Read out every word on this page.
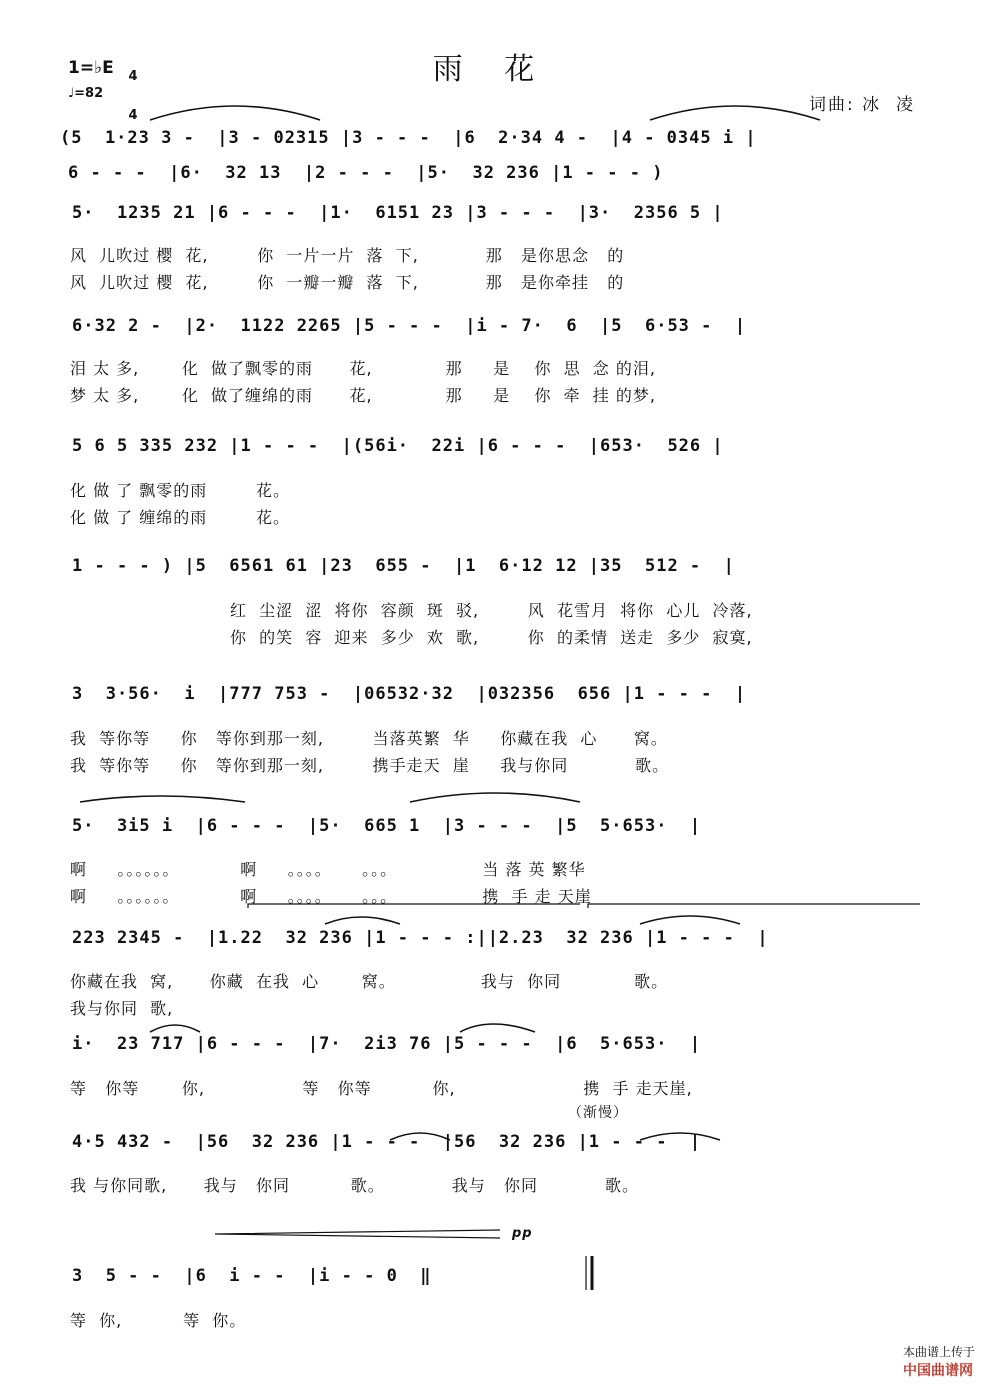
雨 花
1=♭E

4

4

♩=82
词曲: 冰  凌
(5  1·23 3 -  |3 - 02315 |3 - - -  |6  2·34 4 -  |4 - 0345 i |
6 - - -  |6·  32 13  |2 - - -  |5·  32 236 |1 - - - )
5·  1235 21 |6 - - -  |1·  6151 23 |3 - - -  |3·  2356 5 |
风  儿吹过 樱  花,        你  一片一片  落  下,           那   是你思念   的
风  儿吹过 樱  花,        你  一瓣一瓣  落  下,           那   是你牵挂   的
6·32 2 -  |2·  1122 2265 |5 - - -  |i - 7·  6  |5  6·53 -  |
泪 太 多,       化  做了飘零的雨      花,            那     是    你  思  念 的泪,
梦 太 多,       化  做了缠绵的雨      花,            那     是    你  牵  挂 的梦,
5 6 5 335 232 |1 - - -  |(56i·  22i |6 - - -  |653·  526 |
化 做 了 飘零的雨        花。
化 做 了 缠绵的雨        花。
1 - - - ) |5  6561 61 |23  655 -  |1  6·12 12 |35  512 -  |
红  尘涩  涩  将你  容颜  斑  驳,        风  花雪月  将你  心儿  冷落,
你  的笑  容  迎来  多少  欢  歌,        你  的柔情  送走  多少  寂寞,
3  3·56·  i  |777 753 -  |06532·32  |032356  656 |1 - - -  |
我  等你等     你   等你到那一刻,        当落英繁  华     你藏在我  心      窝。
我  等你等     你   等你到那一刻,        携手走天  崖     我与你同           歌。
5·  3i5 i  |6 - - -  |5·  665 1  |3 - - -  |5  5·653·  |
啊     。。。。。。          啊     。。。。     。。。              当 落 英 繁华
啊     。。。。。。          啊     。。。。     。。。              携  手 走 天崖
223 2345 -  |1.22  32 236 |1 - - - :||2.23  32 236 |1 - - -  |
你藏在我  窝,      你藏  在我  心       窝。              我与  你同            歌。
我与你同  歌,
i·  23 717 |6 - - -  |7·  2i3 76 |5 - - -  |6  5·653·  |
等   你等       你,                等   你等          你,                     携  手 走天崖,
（渐慢）
4·5 432 -  |56  32 236 |1 - - -  |56  32 236 |1 - - -  |
我 与你同歌,      我与   你同          歌。           我与   你同           歌。
pp
3  5 - -  |6  i - -  |i - - 0  ‖
等  你,          等  你。

本曲谱上传于
中国曲谱网
